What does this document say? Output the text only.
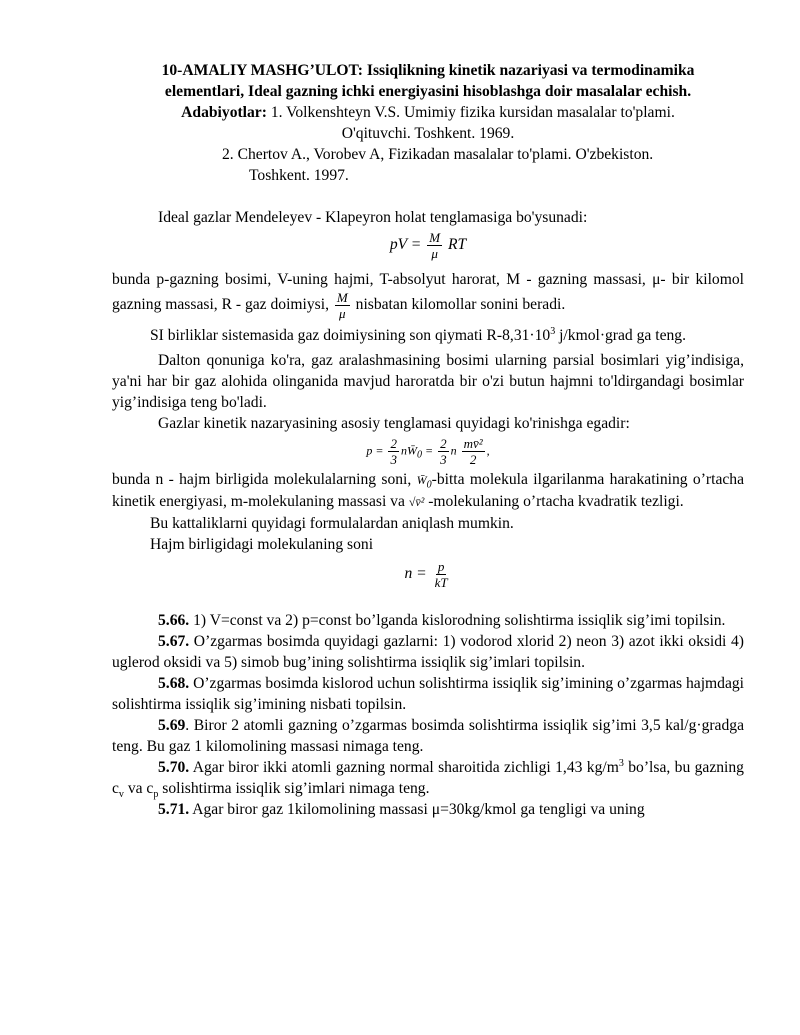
10-AMALIY MASHG’ULOT: Issiqlikning kinetik nazariyasi va termodinamika
elementlari, Ideal gazning ichki energiyasini hisoblashga doir masalalar echish.

Adabiyotlar: 1. Volkenshteyn V.S. Umimiy fizika kursidan masalalar to'plami.
O'qituvchi. Toshkent. 1969.

2. Chertov A., Vorobev A, Fizikadan masalalar to'plami. O'zbekiston.

Toshkent. 1997.

Ideal gazlar Mendeleyev - Klapeyron holat tenglamasiga bo'ysunadi:

pV = $\frac{M}{\mu}$ RT

bunda p-gazning bosimi, V-uning hajmi, T-absolyut harorat, M - gazning massasi, μ- bir kilomol gazning massasi, R - gaz doimiysi, $\frac{M}{\mu}$ nisbatan kilomollar sonini beradi.

SI birliklar sistemasida gaz doimiysining son qiymati $R-8,31\cdot 10^3$ j/kmol·grad ga teng.

Dalton qonuniga ko'ra, gaz aralashmasining bosimi ularning parsial bosimlari yig’indisiga, ya'ni har bir gaz alohida olinganida mavjud haroratda bir o'zi butun hajmni to'ldirgandagi bosimlar yig’indisiga teng bo'ladi.

Gazlar kinetik nazaryasining asosiy tenglamasi quyidagi ko'rinishga egadir:

$p = \frac{2}{3}$ $nW̄_0 = \frac{2}{3}$ n $\frac{\text{mv̄²}}{2}$ ,

bunda n - hajm birligida molekulalarning soni, $W̄_0$-bitta molekula ilgarilanma harakatining o’rtacha kinetik energiyasi, m-molekulaning massasi va √v̄² -molekulaning o’rtacha kvadratik tezligi.

Bu kattaliklarni quyidagi formulalardan aniqlash mumkin.

Hajm birligidagi molekulaning soni

$n = \frac{p}{kT}$

5.66. 1) V=const va 2) p=const bo’lganda kislorodning solishtirma issiqlik sig’imi topilsin.

5.67. O’zgarmas bosimda quyidagi gazlarni: 1) vodorod xlorid 2) neon 3) azot ikki oksidi 4) uglerod oksidi va 5) simob bug’ining solishtirma issiqlik sig’imlari topilsin.

5.68. O’zgarmas bosimda kislorod uchun solishtirma issiqlik sig’imining o’zgarmas hajmdagi solishtirma issiqlik sig’imining nisbati topilsin.

5.69. Biror 2 atomli gazning o’zgarmas bosimda solishtirma issiqlik sig’imi 3,5 kal/g·gradga teng. Bu gaz 1 kilomolining massasi nimaga teng.

5.70. Agar biror ikki atomli gazning normal sharoitida zichligi 1,43 $kg/m^3$ bo’lsa, bu gazning $c_v$ va $c_p$ solishtirma issiqlik sig’imlari nimaga teng.

5.71. Agar biror gaz 1kilomolining massasi μ=30kg/kmol ga tengligi va uning
